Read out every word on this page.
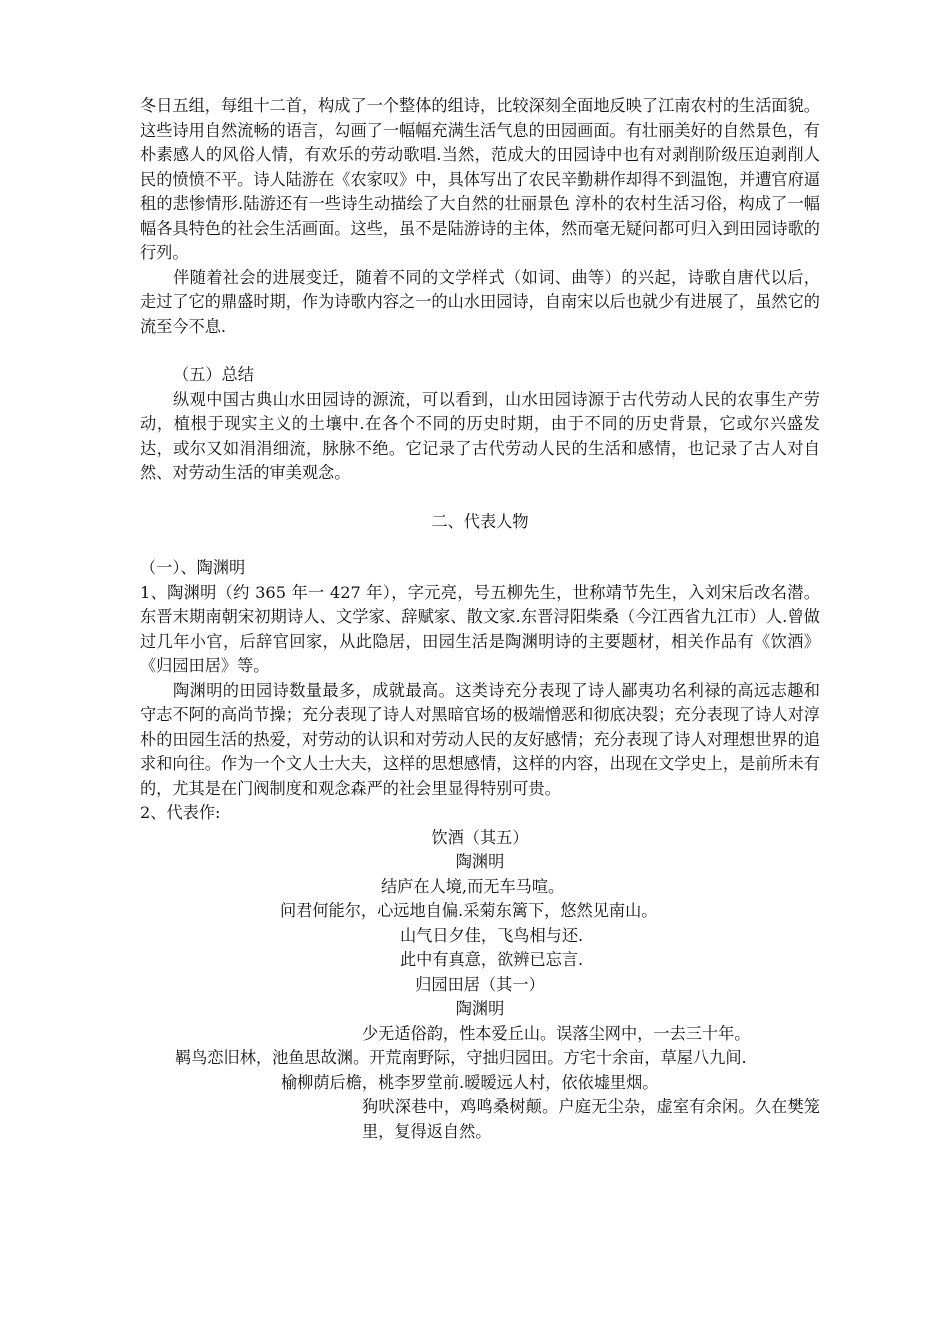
冬日五组，每组十二首，构成了一个整体的组诗，比较深刻全面地反映了江南农村的生活面貌。这些诗用自然流畅的语言，勾画了一幅幅充满生活气息的田园画面。有壮丽美好的自然景色，有朴素感人的风俗人情，有欢乐的劳动歌唱.当然，范成大的田园诗中也有对剥削阶级压迫剥削人民的愤愤不平。诗人陆游在《农家叹》中，具体写出了农民辛勤耕作却得不到温饱，并遭官府逼租的悲惨情形.陆游还有一些诗生动描绘了大自然的壮丽景色 淳朴的农村生活习俗，构成了一幅幅各具特色的社会生活画面。这些，虽不是陆游诗的主体，然而毫无疑问都可归入到田园诗歌的行列。

伴随着社会的进展变迁，随着不同的文学样式（如词、曲等）的兴起，诗歌自唐代以后，走过了它的鼎盛时期，作为诗歌内容之一的山水田园诗，自南宋以后也就少有进展了，虽然它的流至今不息.

（五）总结

纵观中国古典山水田园诗的源流，可以看到，山水田园诗源于古代劳动人民的农事生产劳动，植根于现实主义的土壤中.在各个不同的历史时期，由于不同的历史背景，它或尔兴盛发达，或尔又如涓涓细流，脉脉不绝。它记录了古代劳动人民的生活和感情，也记录了古人对自然、对劳动生活的审美观念。

二、代表人物

（一）、陶渊明

1、陶渊明（约 365 年一 427 年），字元亮，号五柳先生，世称靖节先生，入刘宋后改名潜。东晋末期南朝宋初期诗人、文学家、辞赋家、散文家.东晋浔阳柴桑（今江西省九江市）人.曾做过几年小官，后辞官回家，从此隐居，田园生活是陶渊明诗的主要题材，相关作品有《饮酒》《归园田居》等。

陶渊明的田园诗数量最多，成就最高。这类诗充分表现了诗人鄙夷功名利禄的高远志趣和守志不阿的高尚节操；充分表现了诗人对黑暗官场的极端憎恶和彻底决裂；充分表现了诗人对淳朴的田园生活的热爱，对劳动的认识和对劳动人民的友好感情；充分表现了诗人对理想世界的追求和向往。作为一个文人士大夫，这样的思想感情，这样的内容，出现在文学史上，是前所未有的，尤其是在门阀制度和观念森严的社会里显得特别可贵。

2、代表作:

饮酒（其五）

陶渊明

结庐在人境,而无车马喧。

问君何能尔，心远地自偏.采菊东篱下，悠然见南山。

山气日夕佳，飞鸟相与还.

此中有真意，欲辨已忘言.

归园田居（其一）

陶渊明

少无适俗韵，性本爱丘山。误落尘网中，一去三十年。

羁鸟恋旧林，池鱼思故渊。开荒南野际，守拙归园田。方宅十余亩，草屋八九间.

榆柳荫后檐，桃李罗堂前.暧暧远人村，依依墟里烟。

狗吠深巷中，鸡鸣桑树颠。户庭无尘杂，虚室有余闲。久在樊笼里，复得返自然。
